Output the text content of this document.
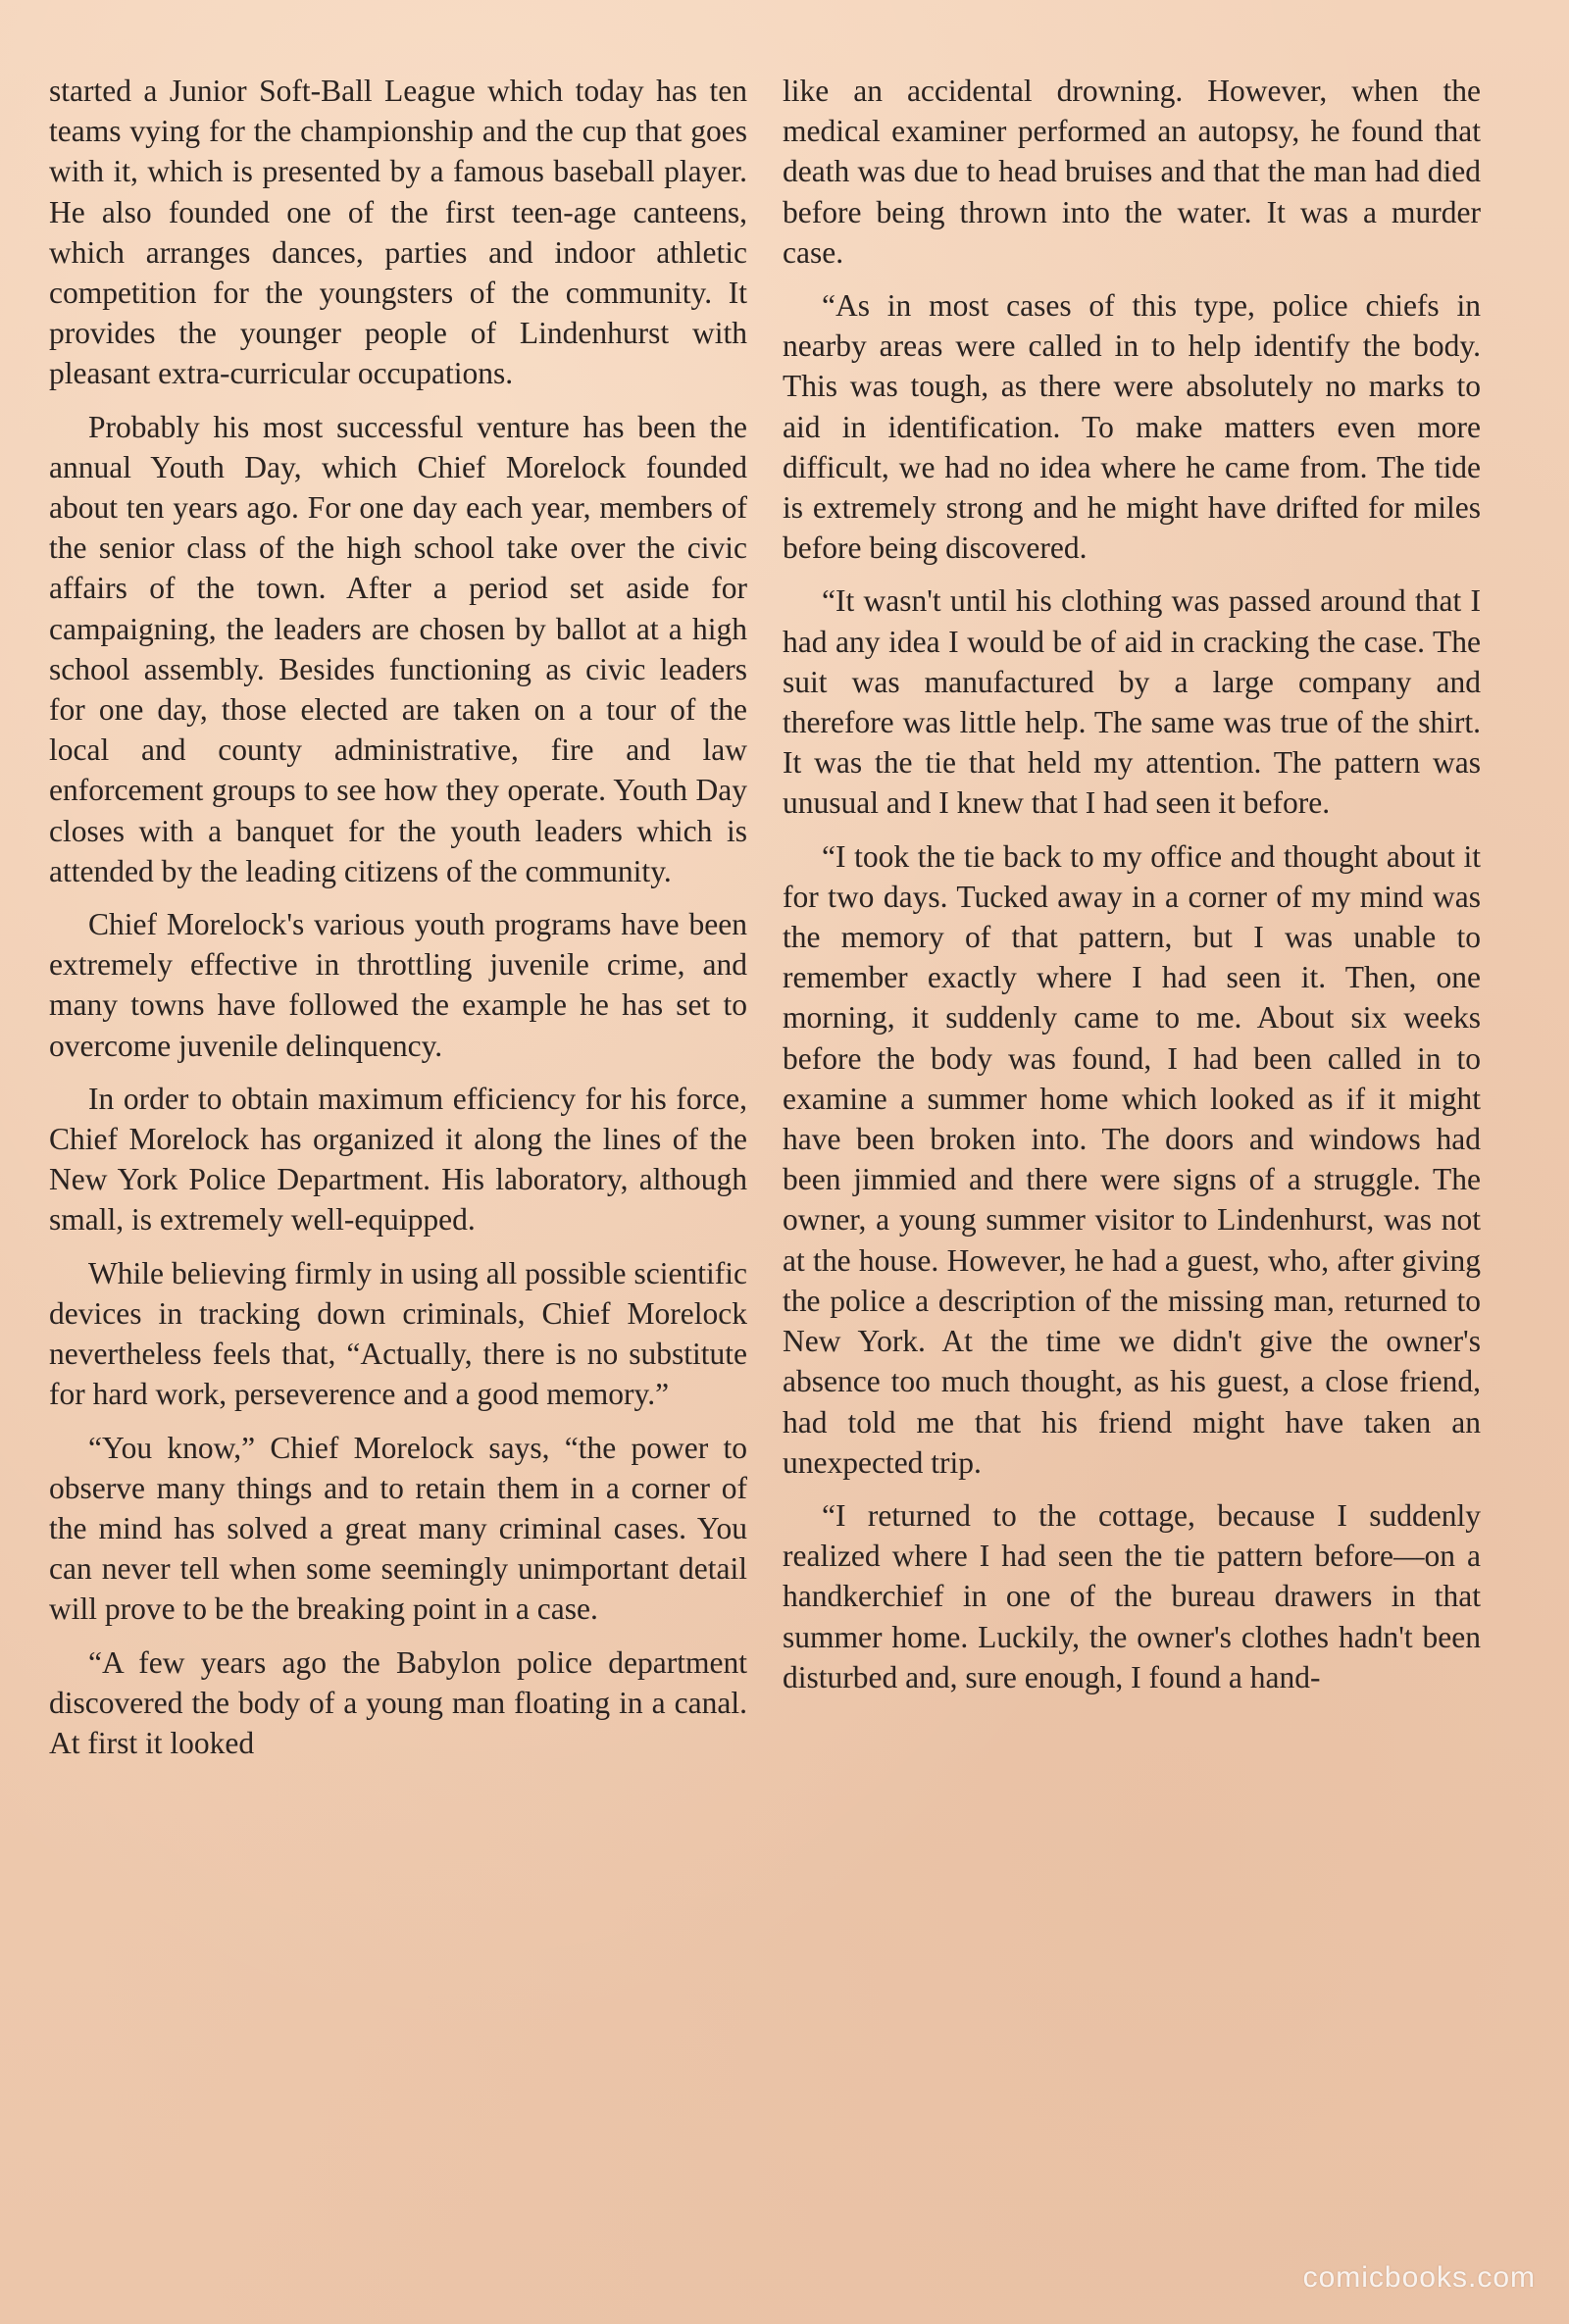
started a Junior Soft-Ball League which today has ten teams vying for the championship and the cup that goes with it, which is presented by a famous baseball player. He also founded one of the first teen-age canteens, which arranges dances, parties and indoor athletic competition for the youngsters of the community. It provides the younger people of Lindenhurst with pleasant extra-curricular occupations.

Probably his most successful venture has been the annual Youth Day, which Chief Morelock founded about ten years ago. For one day each year, members of the senior class of the high school take over the civic affairs of the town. After a period set aside for campaigning, the leaders are chosen by ballot at a high school assembly. Besides functioning as civic leaders for one day, those elected are taken on a tour of the local and county administrative, fire and law enforcement groups to see how they operate. Youth Day closes with a banquet for the youth leaders which is attended by the leading citizens of the community.

Chief Morelock's various youth programs have been extremely effective in throttling juvenile crime, and many towns have followed the example he has set to overcome juvenile delinquency.

In order to obtain maximum efficiency for his force, Chief Morelock has organized it along the lines of the New York Police Department. His laboratory, although small, is extremely well-equipped.

While believing firmly in using all possible scientific devices in tracking down criminals, Chief Morelock nevertheless feels that, “Actually, there is no substitute for hard work, perseverence and a good memory.”

“You know,” Chief Morelock says, “the power to observe many things and to retain them in a corner of the mind has solved a great many criminal cases. You can never tell when some seemingly unimportant detail will prove to be the breaking point in a case.

“A few years ago the Babylon police department discovered the body of a young man floating in a canal. At first it looked

like an accidental drowning. However, when the medical examiner performed an autopsy, he found that death was due to head bruises and that the man had died before being thrown into the water. It was a murder case.

“As in most cases of this type, police chiefs in nearby areas were called in to help identify the body. This was tough, as there were absolutely no marks to aid in identification. To make matters even more difficult, we had no idea where he came from. The tide is extremely strong and he might have drifted for miles before being discovered.

“It wasn't until his clothing was passed around that I had any idea I would be of aid in cracking the case. The suit was manufactured by a large company and therefore was little help. The same was true of the shirt. It was the tie that held my attention. The pattern was unusual and I knew that I had seen it before.

“I took the tie back to my office and thought about it for two days. Tucked away in a corner of my mind was the memory of that pattern, but I was unable to remember exactly where I had seen it. Then, one morning, it suddenly came to me. About six weeks before the body was found, I had been called in to examine a summer home which looked as if it might have been broken into. The doors and windows had been jimmied and there were signs of a struggle. The owner, a young summer visitor to Lindenhurst, was not at the house. However, he had a guest, who, after giving the police a description of the missing man, returned to New York. At the time we didn't give the owner's absence too much thought, as his guest, a close friend, had told me that his friend might have taken an unexpected trip.

“I returned to the cottage, because I suddenly realized where I had seen the tie pattern before—on a handkerchief in one of the bureau drawers in that summer home. Luckily, the owner's clothes hadn't been disturbed and, sure enough, I found a hand-

comicbooks.com
